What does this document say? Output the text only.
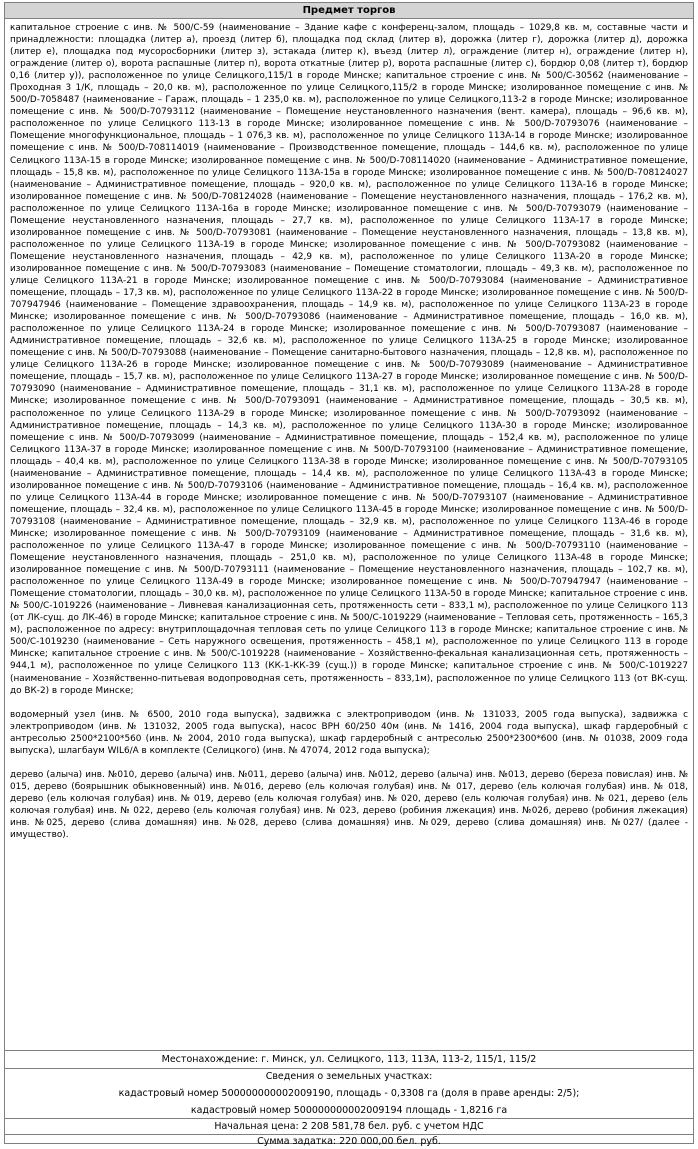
Предмет торгов

капитальное строение с инв. № 500/С-59 (наименование – Здание кафе с конференц-залом, площадь – 1029,8 кв. м, составные части и принадлежности: площадка (литер а), проезд (литер б), площадка под склад (литер в), дорожка (литер г), дорожка (литер д), дорожка (литер е), площадка под мусоросборники (литер з), эстакада (литер к), въезд (литер л), ограждение (литер н), ограждение (литер н), ограждение (литер о), ворота распашные (литер п), ворота откатные (литер р), ворота распашные (литер с), бордюр 0,08 (литер т), бордюр 0,16 (литер у)), расположенное по улице Селицкого,115/1 в городе Минске; капитальное строение с инв. № 500/С-30562 (наименование – Проходная 3 1/К, площадь – 20,0 кв. м), расположенное по улице Селицкого,115/2 в городе Минске; изолированное помещение с инв. № 500/D-7058487 (наименование – Гараж, площадь – 1 235,0 кв. м), расположенное по улице Селицкого,113-2 в городе Минске; изолированное помещение с инв. № 500/D-70793112 (наименование – Помещение неустановленного назначения (вент. камера), площадь – 96,6 кв. м), расположенное по улице Селицкого 113-13 в городе Минске; изолированное помещение с инв. № 500/D-70793076 (наименование – Помещение многофункциональное, площадь – 1 076,3 кв. м), расположенное по улице Селицкого 113А-14 в городе Минске; изолированное помещение с инв. № 500/D-708114019 (наименование – Производственное помещение, площадь – 144,6 кв. м), расположенное по улице Селицкого 113А-15 в городе Минске; изолированное помещение с инв. № 500/D-708114020 (наименование – Административное помещение, площадь – 15,8 кв. м), расположенное по улице Селицкого 113А-15а в городе Минске; изолированное помещение с инв. № 500/D-708124027 (наименование – Административное помещение, площадь – 920,0 кв. м), расположенное по улице Селицкого 113А-16 в городе Минске; изолированное помещение с инв. № 500/D-708124028 (наименование – Помещение неустановленного назначения, площадь – 176,2 кв. м), расположенное по улице Селицкого 113А-16а в городе Минске; изолированное помещение с инв. № 500/D-70793079 (наименование – Помещение неустановленного назначения, площадь – 27,7 кв. м), расположенное по улице Селицкого 113А-17 в городе Минске; изолированное помещение с инв. № 500/D-70793081 (наименование – Помещение неустановленного назначения, площадь – 13,8 кв. м), расположенное по улице Селицкого 113А-19 в городе Минске; изолированное помещение с инв. № 500/D-70793082 (наименование – Помещение неустановленного назначения, площадь – 42,9 кв. м), расположенное по улице Селицкого 113А-20 в городе Минске; изолированное помещение с инв. № 500/D-70793083 (наименование – Помещение стоматологии, площадь – 49,3 кв. м), расположенное по улице Селицкого 113А-21 в городе Минске; изолированное помещение с инв. № 500/D-70793084 (наименование – Административное помещение, площадь – 17,3 кв. м), расположенное по улице Селицкого 113А-22 в городе Минске; изолированное помещение с инв. № 500/D-707947946 (наименование – Помещение здравоохранения, площадь – 14,9 кв. м), расположенное по улице Селицкого 113А-23 в городе Минске; изолированное помещение с инв. № 500/D-70793086 (наименование – Административное помещение, площадь – 16,0 кв. м), расположенное по улице Селицкого 113А-24 в городе Минске; изолированное помещение с инв. № 500/D-70793087 (наименование – Административное помещение, площадь – 32,6 кв. м), расположенное по улице Селицкого 113А-25 в городе Минске; изолированное помещение с инв. № 500/D-70793088 (наименование – Помещение санитарно-бытового назначения, площадь – 12,8 кв. м), расположенное по улице Селицкого 113А-26 в городе Минске; изолированное помещение с инв. № 500/D-70793089 (наименование – Административное помещение, площадь – 15,7 кв. м), расположенное по улице Селицкого 113А-27 в городе Минске; изолированное помещение с инв. № 500/D-70793090 (наименование – Административное помещение, площадь – 31,1 кв. м), расположенное по улице Селицкого 113А-28 в городе Минске; изолированное помещение с инв. № 500/D-70793091 (наименование – Административное помещение, площадь – 30,5 кв. м), расположенное по улице Селицкого 113А-29 в городе Минске; изолированное помещение с инв. № 500/D-70793092 (наименование – Административное помещение, площадь – 14,3 кв. м), расположенное по улице Селицкого 113А-30 в городе Минске; изолированное помещение с инв. № 500/D-70793099 (наименование – Административное помещение, площадь – 152,4 кв. м), расположенное по улице Селицкого 113А-37 в городе Минске; изолированное помещение с инв. № 500/D-70793100 (наименование – Административное помещение, площадь – 40,4 кв. м), расположенное по улице Селицкого 113А-38 в городе Минске; изолированное помещение с инв. № 500/D-70793105 (наименование – Административное помещение, площадь – 14,4 кв. м), расположенное по улице Селицкого 113А-43 в городе Минске; изолированное помещение с инв. № 500/D-70793106 (наименование – Административное помещение, площадь – 16,4 кв. м), расположенное по улице Селицкого 113А-44 в городе Минске; изолированное помещение с инв. № 500/D-70793107 (наименование – Административное помещение, площадь – 32,4 кв. м), расположенное по улице Селицкого 113А-45 в городе Минске; изолированное помещение с инв. № 500/D-70793108 (наименование – Административное помещение, площадь – 32,9 кв. м), расположенное по улице Селицкого 113А-46 в городе Минске; изолированное помещение с инв. № 500/D-70793109 (наименование – Административное помещение, площадь – 31,6 кв. м), расположенное по улице Селицкого 113А-47 в городе Минске; изолированное помещение с инв. № 500/D-70793110 (наименование – Помещение неустановленного назначения, площадь – 251,0 кв. м), расположенное по улице Селицкого 113А-48 в городе Минске; изолированное помещение с инв. № 500/D-70793111 (наименование – Помещение неустановленного назначения, площадь – 102,7 кв. м), расположенное по улице Селицкого 113А-49 в городе Минске; изолированное помещение с инв. № 500/D-707947947 (наименование – Помещение стоматологии, площадь – 30,0 кв. м), расположенное по улице Селицкого 113А-50 в городе Минске; капитальное строение с инв. № 500/С-1019226 (наименование – Ливневая канализационная сеть, протяженность сети – 833,1 м), расположенное по улице Селицкого 113 (от ЛК-сущ. до ЛК-46) в городе Минске; капитальное строение с инв. № 500/С-1019229 (наименование – Тепловая сеть, протяженность – 165,3 м), расположенное по адресу: внутриплощадочная тепловая сеть по улице Селицкого 113 в городе Минске; капитальное строение с инв. № 500/С-1019230 (наименование – Сеть наружного освещения, протяженность – 458,1 м), расположенное по улице Селицкого 113 в городе Минске; капитальное строение с инв. № 500/С-1019228 (наименование – Хозяйственно-фекальная канализационная сеть, протяженность – 944,1 м), расположенное по улице Селицкого 113 (КК-1-КК-39 (сущ.)) в городе Минске; капитальное строение с инв. № 500/С-1019227 (наименование – Хозяйственно-питьевая водопроводная сеть, протяженность – 833,1м), расположенное по улице Селицкого 113 (от ВК-сущ. до ВК-2) в городе Минске;

водомерный узел (инв. № 6500, 2010 года выпуска), задвижка с электроприводом (инв. № 131033, 2005 года выпуска), задвижка с электроприводом (инв. № 131032, 2005 года выпуска), насос ВРН 60/250 40м (инв. № 1416, 2004 года выпуска), шкаф гардеробный с антресолью 2500*2100*560 (инв. № 2004, 2010 года выпуска), шкаф гардеробный с антресолью 2500*2300*600 (инв. № 01038, 2009 года выпуска), шлагбаум WIL6/A в комплекте (Селицкого) (инв. № 47074, 2012 года выпуска);

дерево (алыча) инв. №010, дерево (алыча) инв. №011, дерево (алыча) инв. №012, дерево (алыча) инв. №013, дерево (береза повислая) инв. № 015, дерево (боярышник обыкновенный) инв. №016, дерево (ель колючая голубая) инв. № 017, дерево (ель колючая голубая) инв. № 018, дерево (ель колючая голубая) инв. № 019, дерево (ель колючая голубая) инв. № 020, дерево (ель колючая голубая) инв. № 021, дерево (ель колючая голубая) инв. № 022, дерево (ель колючая голубая) инв. № 023, дерево (робиния лжекация) инв. №026, дерево (робиния лжекация) инв. №025, дерево (слива домашняя) инв. №028, дерево (слива домашняя) инв. №029, дерево (слива домашняя) инв. №027/ (далее - имущество).

Местонахождение: г. Минск, ул. Селицкого, 113, 113А, 113-2, 115/1, 115/2
Сведения о земельных участках:
кадастровый номер 500000000002009190, площадь - 0,3308 га (доля в праве аренды: 2/5);
кадастровый номер 500000000002009194 площадь - 1,8216 га
Начальная цена: 2 208 581,78 бел. руб. с учетом НДС
Сумма задатка: 220 000,00 бел. руб.
